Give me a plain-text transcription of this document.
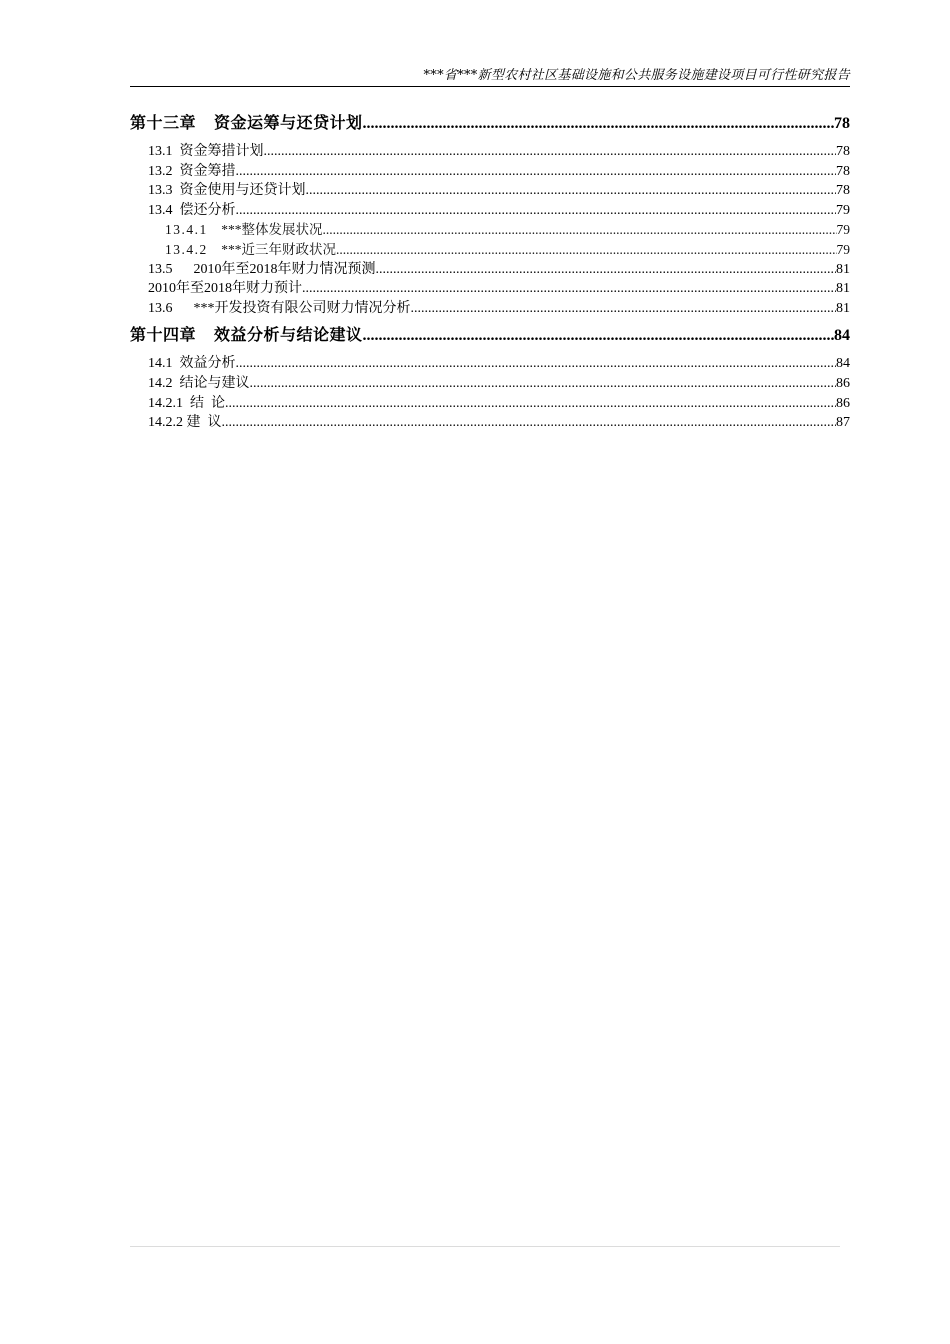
***省***新型农村社区基础设施和公共服务设施建设项目可行性研究报告
第十三章    资金运筹与还贷计划 .....	78
13.1  资金筹措计划 .....	78
13.2  资金筹措 .....	78
13.3  资金使用与还贷计划 .....	78
13.4  偿还分析 .....	79
13.4.1 ***整体发展状况 .....	79
13.4.2 ***近三年财政状况 .....	79
13.5      2010年至2018年财力情况预测 .....	81
2010年至2018年财力预计 .....	81
13.6      ***开发投资有限公司财力情况分析 .....	81
第十四章    效益分析与结论建议 .....	84
14.1  效益分析 .....	84
14.2  结论与建议 .....	86
14.2.1  结  论 .....	86
14.2.2 建  议 .....	87
